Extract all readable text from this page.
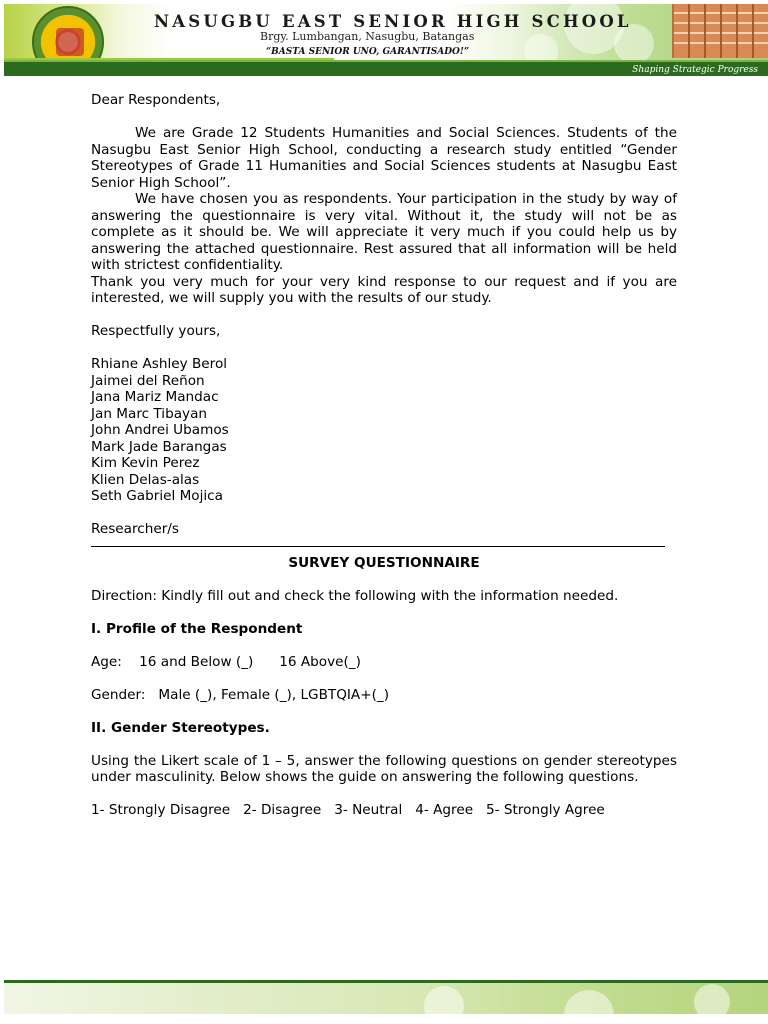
NASUGBU EAST SENIOR HIGH SCHOOL
Brgy. Lumbangan, Nasugbu, Batangas
“BASTA SENIOR UNO, GARANTISADO!”
Shaping Strategic Progress

Dear Respondents,

We are Grade 12 Students Humanities and Social Sciences. Students of the Nasugbu East Senior High School, conducting a research study entitled “Gender Stereotypes of Grade 11 Humanities and Social Sciences students at Nasugbu East Senior High School”.

We have chosen you as respondents. Your participation in the study by way of answering the questionnaire is very vital. Without it, the study will not be as complete as it should be. We will appreciate it very much if you could help us by answering the attached questionnaire. Rest assured that all information will be held with strictest confidentiality.

Thank you very much for your very kind response to our request and if you are interested, we will supply you with the results of our study.

Respectfully yours,

Rhiane Ashley Berol
Jaimei del Reñon
Jana Mariz Mandac
Jan Marc Tibayan
John Andrei Ubamos
Mark Jade Barangas
Kim Kevin Perez
Klien Delas-alas
Seth Gabriel Mojica

Researcher/s

SURVEY QUESTIONNAIRE

Direction: Kindly fill out and check the following with the information needed.

I. Profile of the Respondent

Age:    16 and Below (_)      16 Above(_)

Gender:   Male (_), Female (_), LGBTQIA+(_)

II. Gender Stereotypes.

Using the Likert scale of 1 – 5, answer the following questions on gender stereotypes under masculinity. Below shows the guide on answering the following questions.

1- Strongly Disagree   2- Disagree   3- Neutral   4- Agree   5- Strongly Agree
